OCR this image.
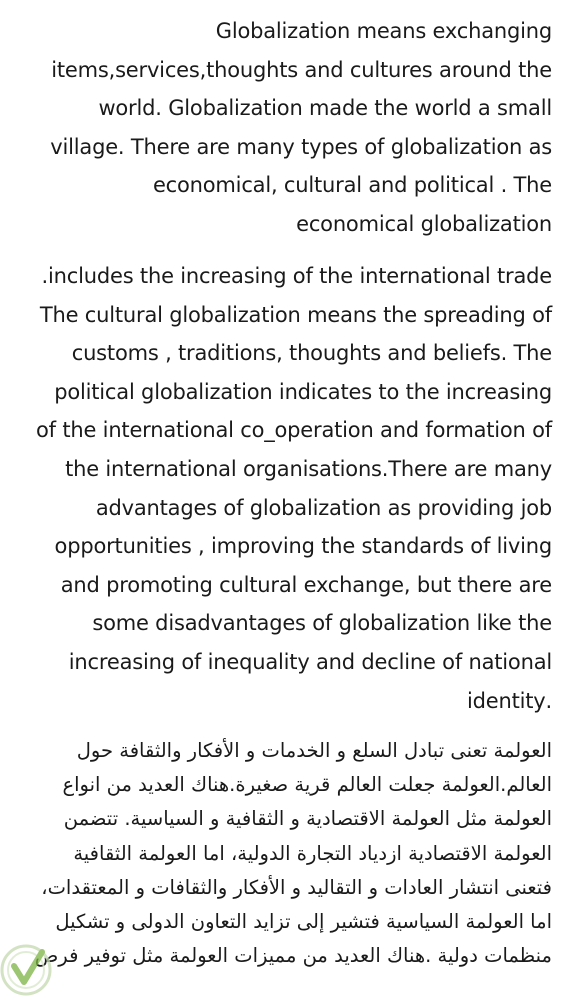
Globalization means exchanging
items,services,thoughts and cultures around the
world. Globalization made the world a small
village. There are many types of globalization as
economical, cultural and political . The
economical globalization

includes the increasing of the international trade.
The cultural globalization means the spreading of
customs , traditions, thoughts and beliefs. The
political globalization indicates to the increasing
of the international co_operation and formation of
the international organisations.There are many
advantages of globalization as providing job
opportunities , improving the standards of living
and promoting cultural exchange, but there are
some disadvantages of globalization like the
increasing of inequality and decline of national
.identity

العولمة تعنى تبادل السلع و الخدمات و الأفكار والثقافة حول
العالم.العولمة جعلت العالم قرية صغيرة.هناك العديد من انواع
العولمة مثل العولمة الاقتصادية و الثقافية و السياسية. تتضمن
العولمة الاقتصادية ازدياد التجارة الدولية، اما العولمة الثقافية
فتعنى انتشار العادات و التقاليد و الأفكار والثقافات و المعتقدات،
اما العولمة السياسية فتشير إلى تزايد التعاون الدولى و تشكيل
منظمات دولية .هناك العديد من مميزات العولمة مثل توفير فرص
